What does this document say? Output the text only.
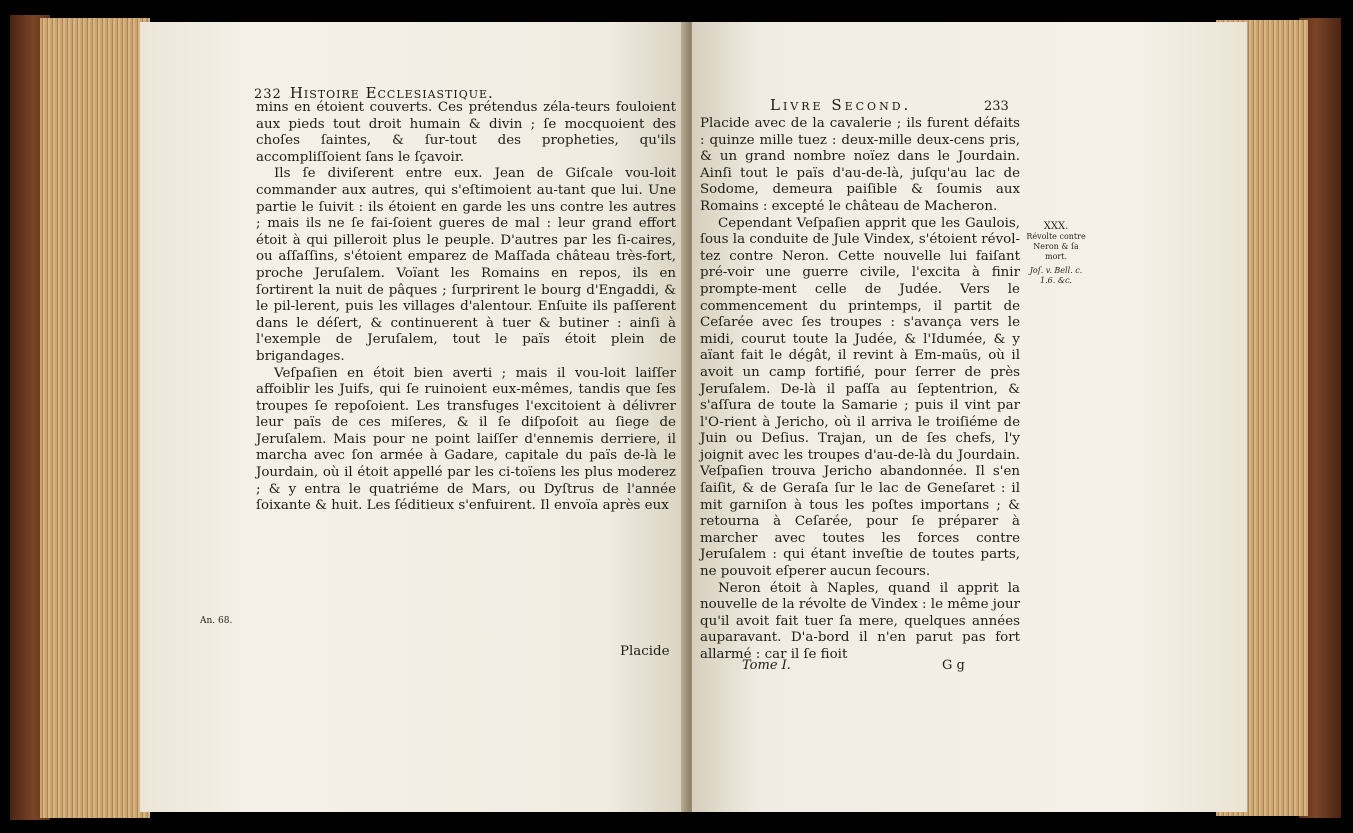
232 Histoire Ecclesiastique.

mins en étoient couverts. Ces prétendus zéla-teurs fouloient aux pieds tout droit humain & divin ; ſe mocquoient des choſes ſaintes, & ſur-tout des propheties, qu'ils accompliſſoient ſans le ſçavoir.

Ils ſe diviſerent entre eux. Jean de Giſcale vou-loit commander aux autres, qui s'eſtimoient au-tant que lui. Une partie le ſuivit : ils étoient en garde les uns contre les autres ; mais ils ne ſe fai-ſoient gueres de mal : leur grand effort étoit à qui pilleroit plus le peuple. D'autres par les ſi-caires, ou aſſaſſins, s'étoient emparez de Maſſada château très-fort, proche Jeruſalem. Voïant les Romains en repos, ils en ſortirent la nuit de pâques ; ſurprirent le bourg d'Engaddi, & le pil-lerent, puis les villages d'alentour. Enſuite ils paſſerent dans le déſert, & continuerent à tuer & butiner : ainſi à l'exemple de Jeruſalem, tout le païs étoit plein de brigandages.

Veſpaſien en étoit bien averti ; mais il vou-loit laiſſer affoiblir les Juifs, qui ſe ruinoient eux-mêmes, tandis que ſes troupes ſe repoſoient. Les transfuges l'excitoient à délivrer leur païs de ces miſeres, & il ſe diſpoſoit au ſiege de Jeruſalem. Mais pour ne point laiſſer d'ennemis derriere, il marcha avec ſon armée à Gadare, capitale du païs de-là le Jourdain, où il étoit appellé par les ci-toïens les plus moderez ; & y entra le quatriéme de Mars, ou Dyſtrus de l'année ſoixante & huit. Les ſéditieux s'enfuirent. Il envoïa après eux

Placide
An. 68.
Livre Second.	233

Placide avec de la cavalerie ; ils furent défaits : quinze mille tuez : deux-mille deux-cens pris, & un grand nombre noïez dans le Jourdain. Ainſi tout le païs d'au-de-là, juſqu'au lac de Sodome, demeura paiſible & ſoumis aux Romains : excepté le château de Macheron.

Cependant Veſpaſien apprit que les Gaulois, ſous la conduite de Jule Vindex, s'étoient révol-tez contre Neron. Cette nouvelle lui faiſant pré-voir une guerre civile, l'excita à finir prompte-ment celle de Judée. Vers le commencement du printemps, il partit de Ceſarée avec ſes troupes : s'avança vers le midi, courut toute la Judée, & l'Idumée, & y aïant fait le dégât, il revint à Em-maüs, où il avoit un camp fortifié, pour ſerrer de près Jeruſalem. De-là il paſſa au ſeptentrion, & s'aſſura de toute la Samarie ; puis il vint par l'O-rient à Jericho, où il arriva le troiſiéme de Juin ou Deſius. Trajan, un de ſes chefs, l'y joignit avec les troupes d'au-de-là du Jourdain. Veſpaſien trouva Jericho abandonnée. Il s'en ſaiſit, & de Geraſa ſur le lac de Geneſaret : il mit garniſon à tous les poſtes importans ; & retourna à Ceſarée, pour ſe préparer à marcher avec toutes les forces contre Jeruſalem : qui étant inveſtie de toutes parts, ne pouvoit eſperer aucun ſecours.

Neron étoit à Naples, quand il apprit la nouvelle de la révolte de Vindex : le même jour qu'il avoit fait tuer ſa mere, quelques années auparavant. D'a-bord il n'en parut pas fort allarmé : car il ſe fioit

XXX.
Révolte contre Neron & ſa mort.
Joſ. v. Bell. c. 1.6. &c.
Tome I.	G g
